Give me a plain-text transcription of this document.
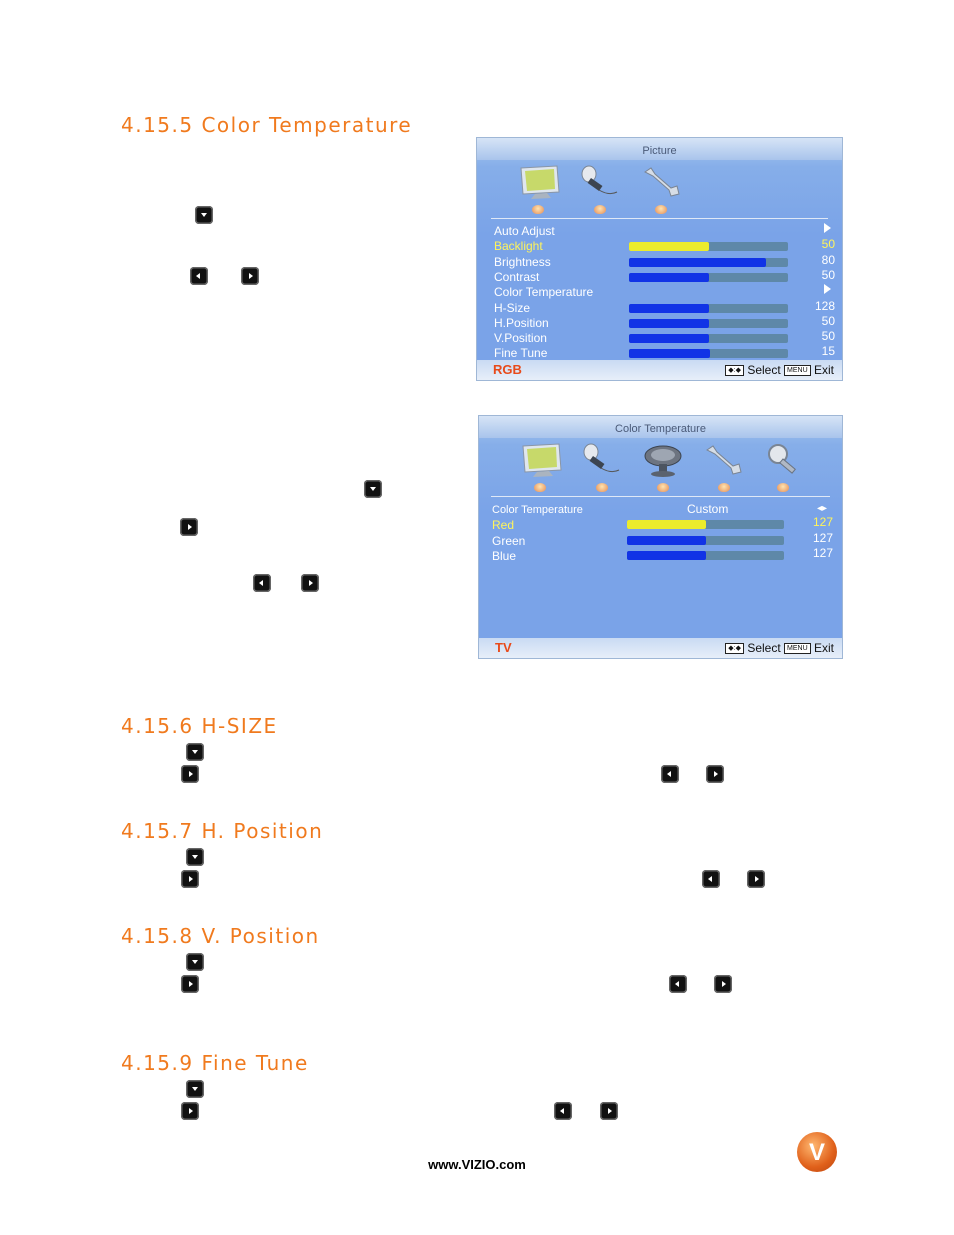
4.15.5 Color Temperature
4.15.6 H-SIZE
4.15.7 H. Position
4.15.8 V. Position
4.15.9 Fine Tune
Picture
Auto Adjust
Backlight	50
Brightness	80
Contrast	50
Color Temperature
H-Size	128
H.Position	50
V.Position	50
Fine Tune	15
RGB	◆:◆ Select MENU Exit
Color Temperature
Color Temperature	Custom	◂▸
Red	127
Green	127
Blue	127
TV	◆:◆ Select MENU Exit
www.VIZIO.com	V
